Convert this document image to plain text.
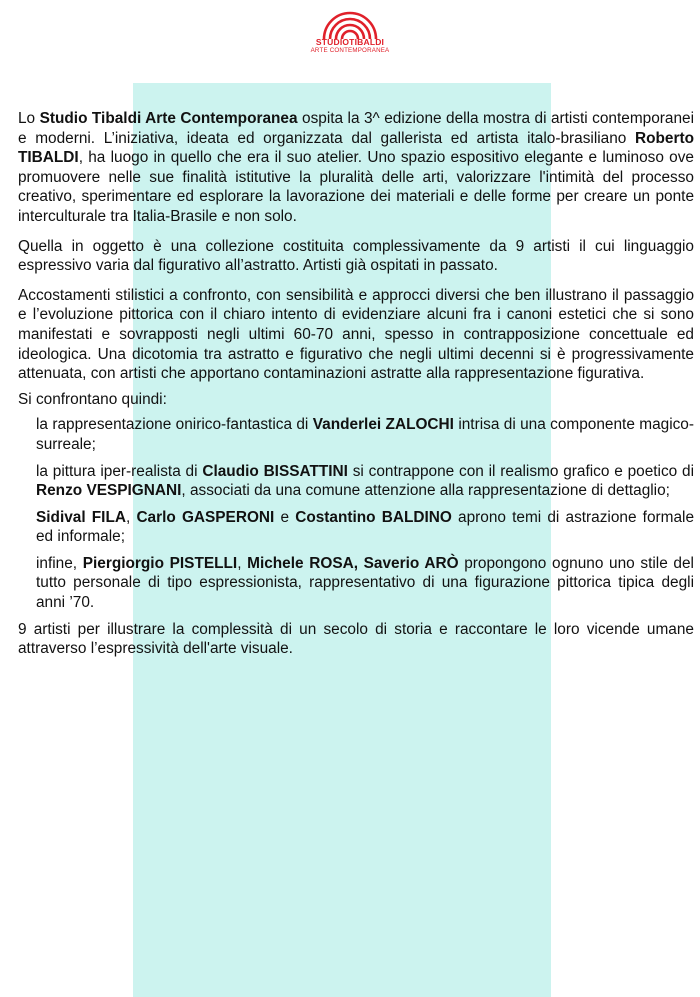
STUDIOTIBALDI
ARTE CONTEMPORANEA

Lo Studio Tibaldi Arte Contemporanea ospita la 3^ edizione della mostra di artisti contemporanei e moderni. L’iniziativa, ideata ed organizzata dal gallerista ed artista italo-brasiliano Roberto TIBALDI, ha luogo in quello che era il suo atelier. Uno spazio espositivo elegante e luminoso ove promuovere nelle sue finalità istitutive la pluralità delle arti, valorizzare l'intimità del processo creativo, sperimentare ed esplorare la lavorazione dei materiali e delle forme per creare un ponte interculturale tra Italia-Brasile e non solo.

Quella in oggetto è una collezione costituita complessivamente da 9 artisti il cui linguaggio espressivo varia dal figurativo all’astratto. Artisti già ospitati in passato.

Accostamenti stilistici a confronto, con sensibilità e approcci diversi che ben illustrano il passaggio e l’evoluzione pittorica con il chiaro intento di evidenziare alcuni fra i canoni estetici che si sono manifestati e sovrapposti negli ultimi 60-70 anni, spesso in contrapposizione concettuale ed ideologica. Una dicotomia tra astratto e figurativo che negli ultimi decenni si è progressivamente attenuata, con artisti che apportano contaminazioni astratte alla rappresentazione figurativa.

Si confrontano quindi:

la rappresentazione onirico-fantastica di Vanderlei ZALOCHI intrisa di una componente magico-surreale;

la pittura iper-realista di Claudio BISSATTINI si contrappone con il realismo grafico e poetico di Renzo VESPIGNANI, associati da una comune attenzione alla rappresentazione di dettaglio;

Sidival FILA, Carlo GASPERONI e Costantino BALDINO aprono temi di astrazione formale ed informale;

infine, Piergiorgio PISTELLI, Michele ROSA, Saverio ARÒ propongono ognuno uno stile del tutto personale di tipo espressionista, rappresentativo di una figurazione pittorica tipica degli anni ’70.

9 artisti per illustrare la complessità di un secolo di storia e raccontare le loro vicende umane attraverso l’espressività dell'arte visuale.
